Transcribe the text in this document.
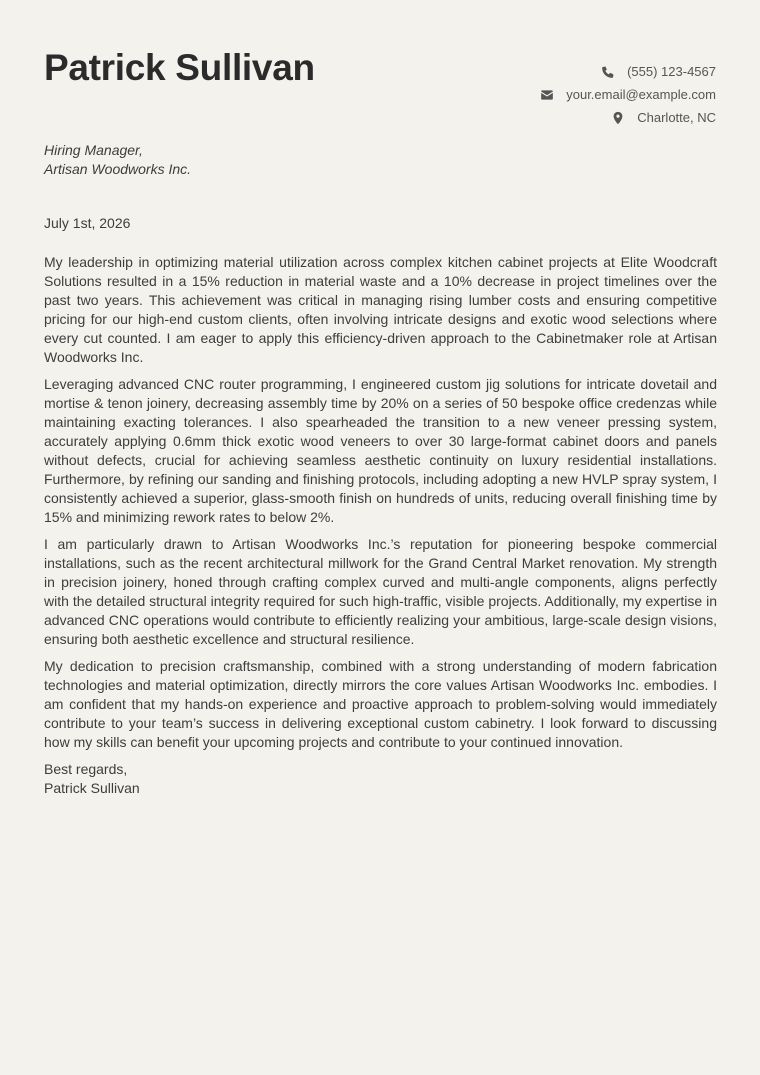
Patrick Sullivan	(555) 123-4567
your.email@example.com
Charlotte, NC
Hiring Manager,
Artisan Woodworks Inc.
July 1st, 2026

My leadership in optimizing material utilization across complex kitchen cabinet projects at Elite Woodcraft Solutions resulted in a 15% reduction in material waste and a 10% decrease in project timelines over the past two years. This achievement was critical in managing rising lumber costs and ensuring competitive pricing for our high-end custom clients, often involving intricate designs and exotic wood selections where every cut counted. I am eager to apply this efficiency-driven approach to the Cabinetmaker role at Artisan Woodworks Inc.

Leveraging advanced CNC router programming, I engineered custom jig solutions for intricate dovetail and mortise & tenon joinery, decreasing assembly time by 20% on a series of 50 bespoke office credenzas while maintaining exacting tolerances. I also spearheaded the transition to a new veneer pressing system, accurately applying 0.6mm thick exotic wood veneers to over 30 large-format cabinet doors and panels without defects, crucial for achieving seamless aesthetic continuity on luxury residential installations. Furthermore, by refining our sanding and finishing protocols, including adopting a new HVLP spray system, I consistently achieved a superior, glass-smooth finish on hundreds of units, reducing overall finishing time by 15% and minimizing rework rates to below 2%.

I am particularly drawn to Artisan Woodworks Inc.’s reputation for pioneering bespoke commercial installations, such as the recent architectural millwork for the Grand Central Market renovation. My strength in precision joinery, honed through crafting complex curved and multi-angle components, aligns perfectly with the detailed structural integrity required for such high-traffic, visible projects. Additionally, my expertise in advanced CNC operations would contribute to efficiently realizing your ambitious, large-scale design visions, ensuring both aesthetic excellence and structural resilience.

My dedication to precision craftsmanship, combined with a strong understanding of modern fabrication technologies and material optimization, directly mirrors the core values Artisan Woodworks Inc. embodies. I am confident that my hands-on experience and proactive approach to problem-solving would immediately contribute to your team’s success in delivering exceptional custom cabinetry. I look forward to discussing how my skills can benefit your upcoming projects and contribute to your continued innovation.

Best regards,
Patrick Sullivan
